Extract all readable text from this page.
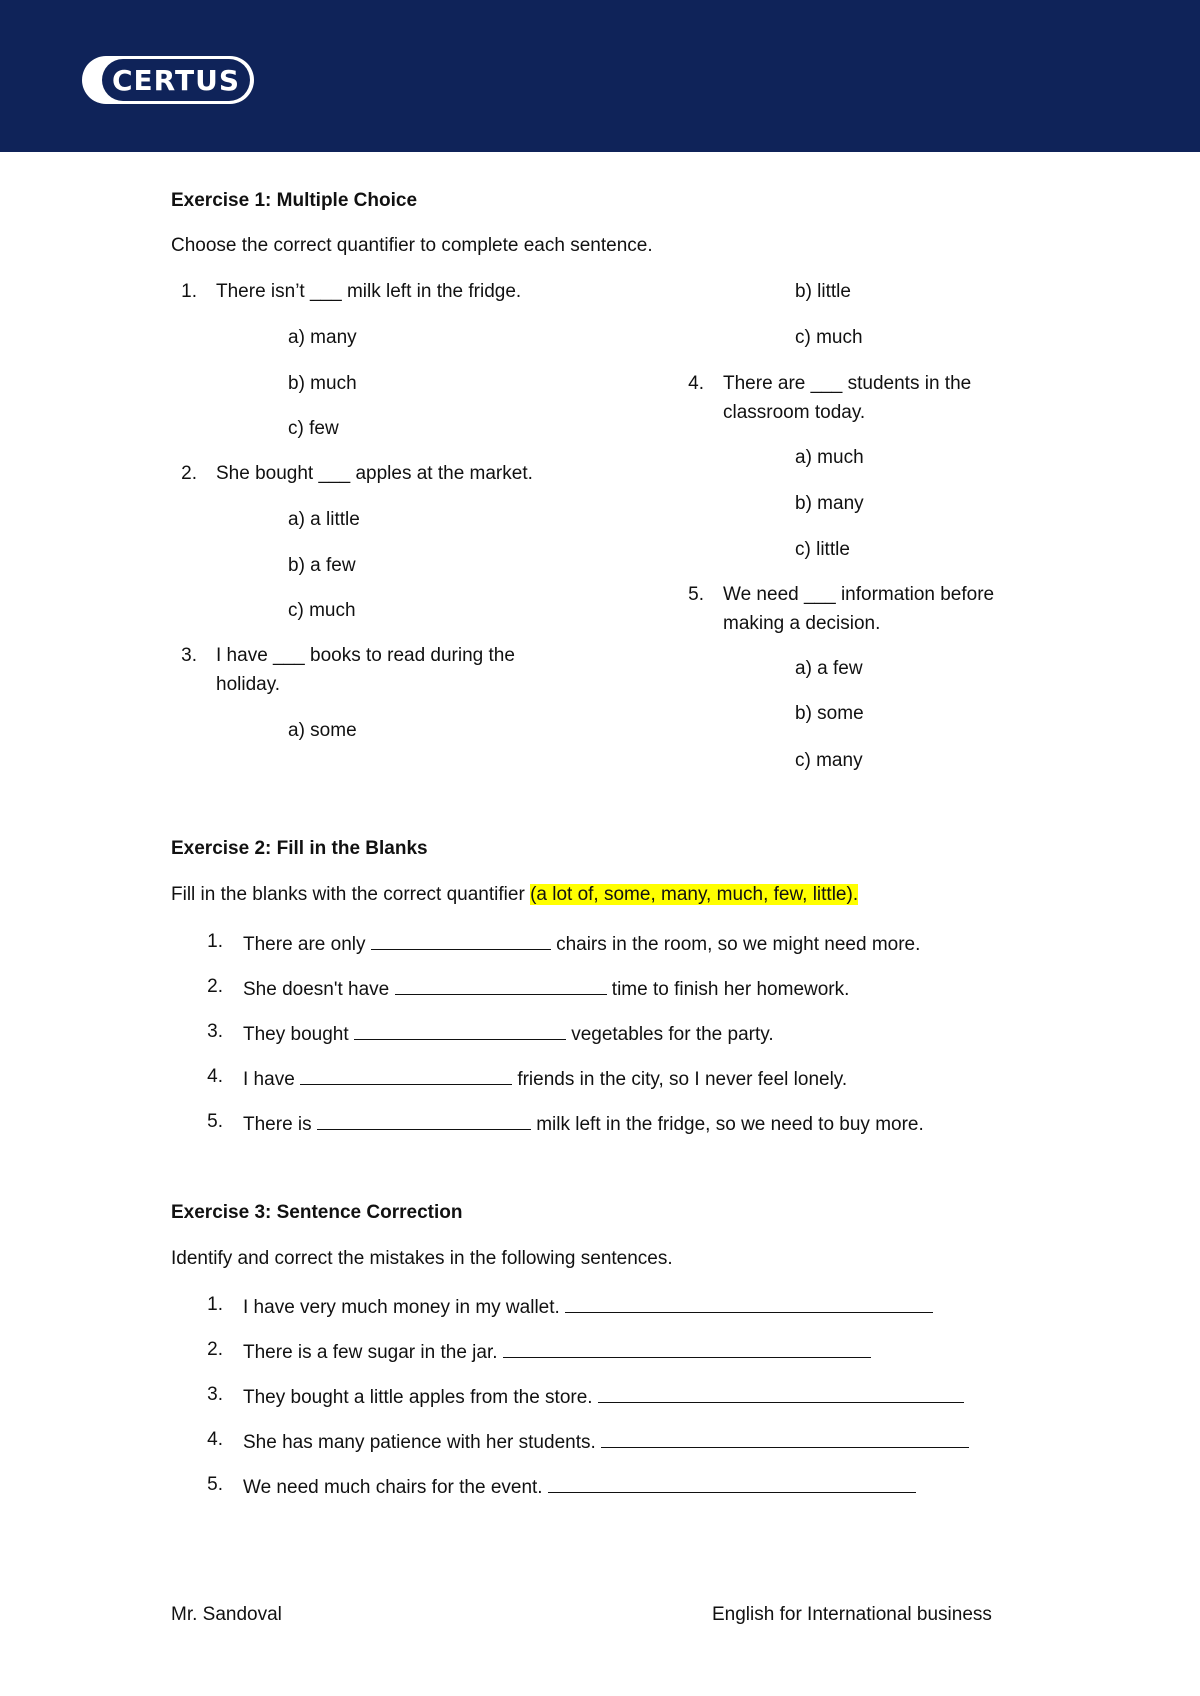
CERTUS
Exercise 1: Multiple Choice
Choose the correct quantifier to complete each sentence.
1. There isn’t ___ milk left in the fridge.
a) many
b) much
c) few
2. She bought ___ apples at the market.
a) a little
b) a few
c) much
3. I have ___ books to read during the
holiday.
a) some
b) little
c) much
4. There are ___ students in the
classroom today.
a) much
b) many
c) little
5. We need ___ information before
making a decision.
a) a few
b) some
c) many
Exercise 2: Fill in the Blanks
Fill in the blanks with the correct quantifier (a lot of, some, many, much, few, little).
1. There are only	chairs in the room, so we might need more.
2. She doesn't have	time to finish her homework.
3. They bought	vegetables for the party.
4. I have	friends in the city, so I never feel lonely.
5. There is	milk left in the fridge, so we need to buy more.
Exercise 3: Sentence Correction
Identify and correct the mistakes in the following sentences.
1. I have very much money in my wallet.
2. There is a few sugar in the jar.
3. They bought a little apples from the store.
4. She has many patience with her students.
5. We need much chairs for the event.
Mr. Sandoval	English for International business
